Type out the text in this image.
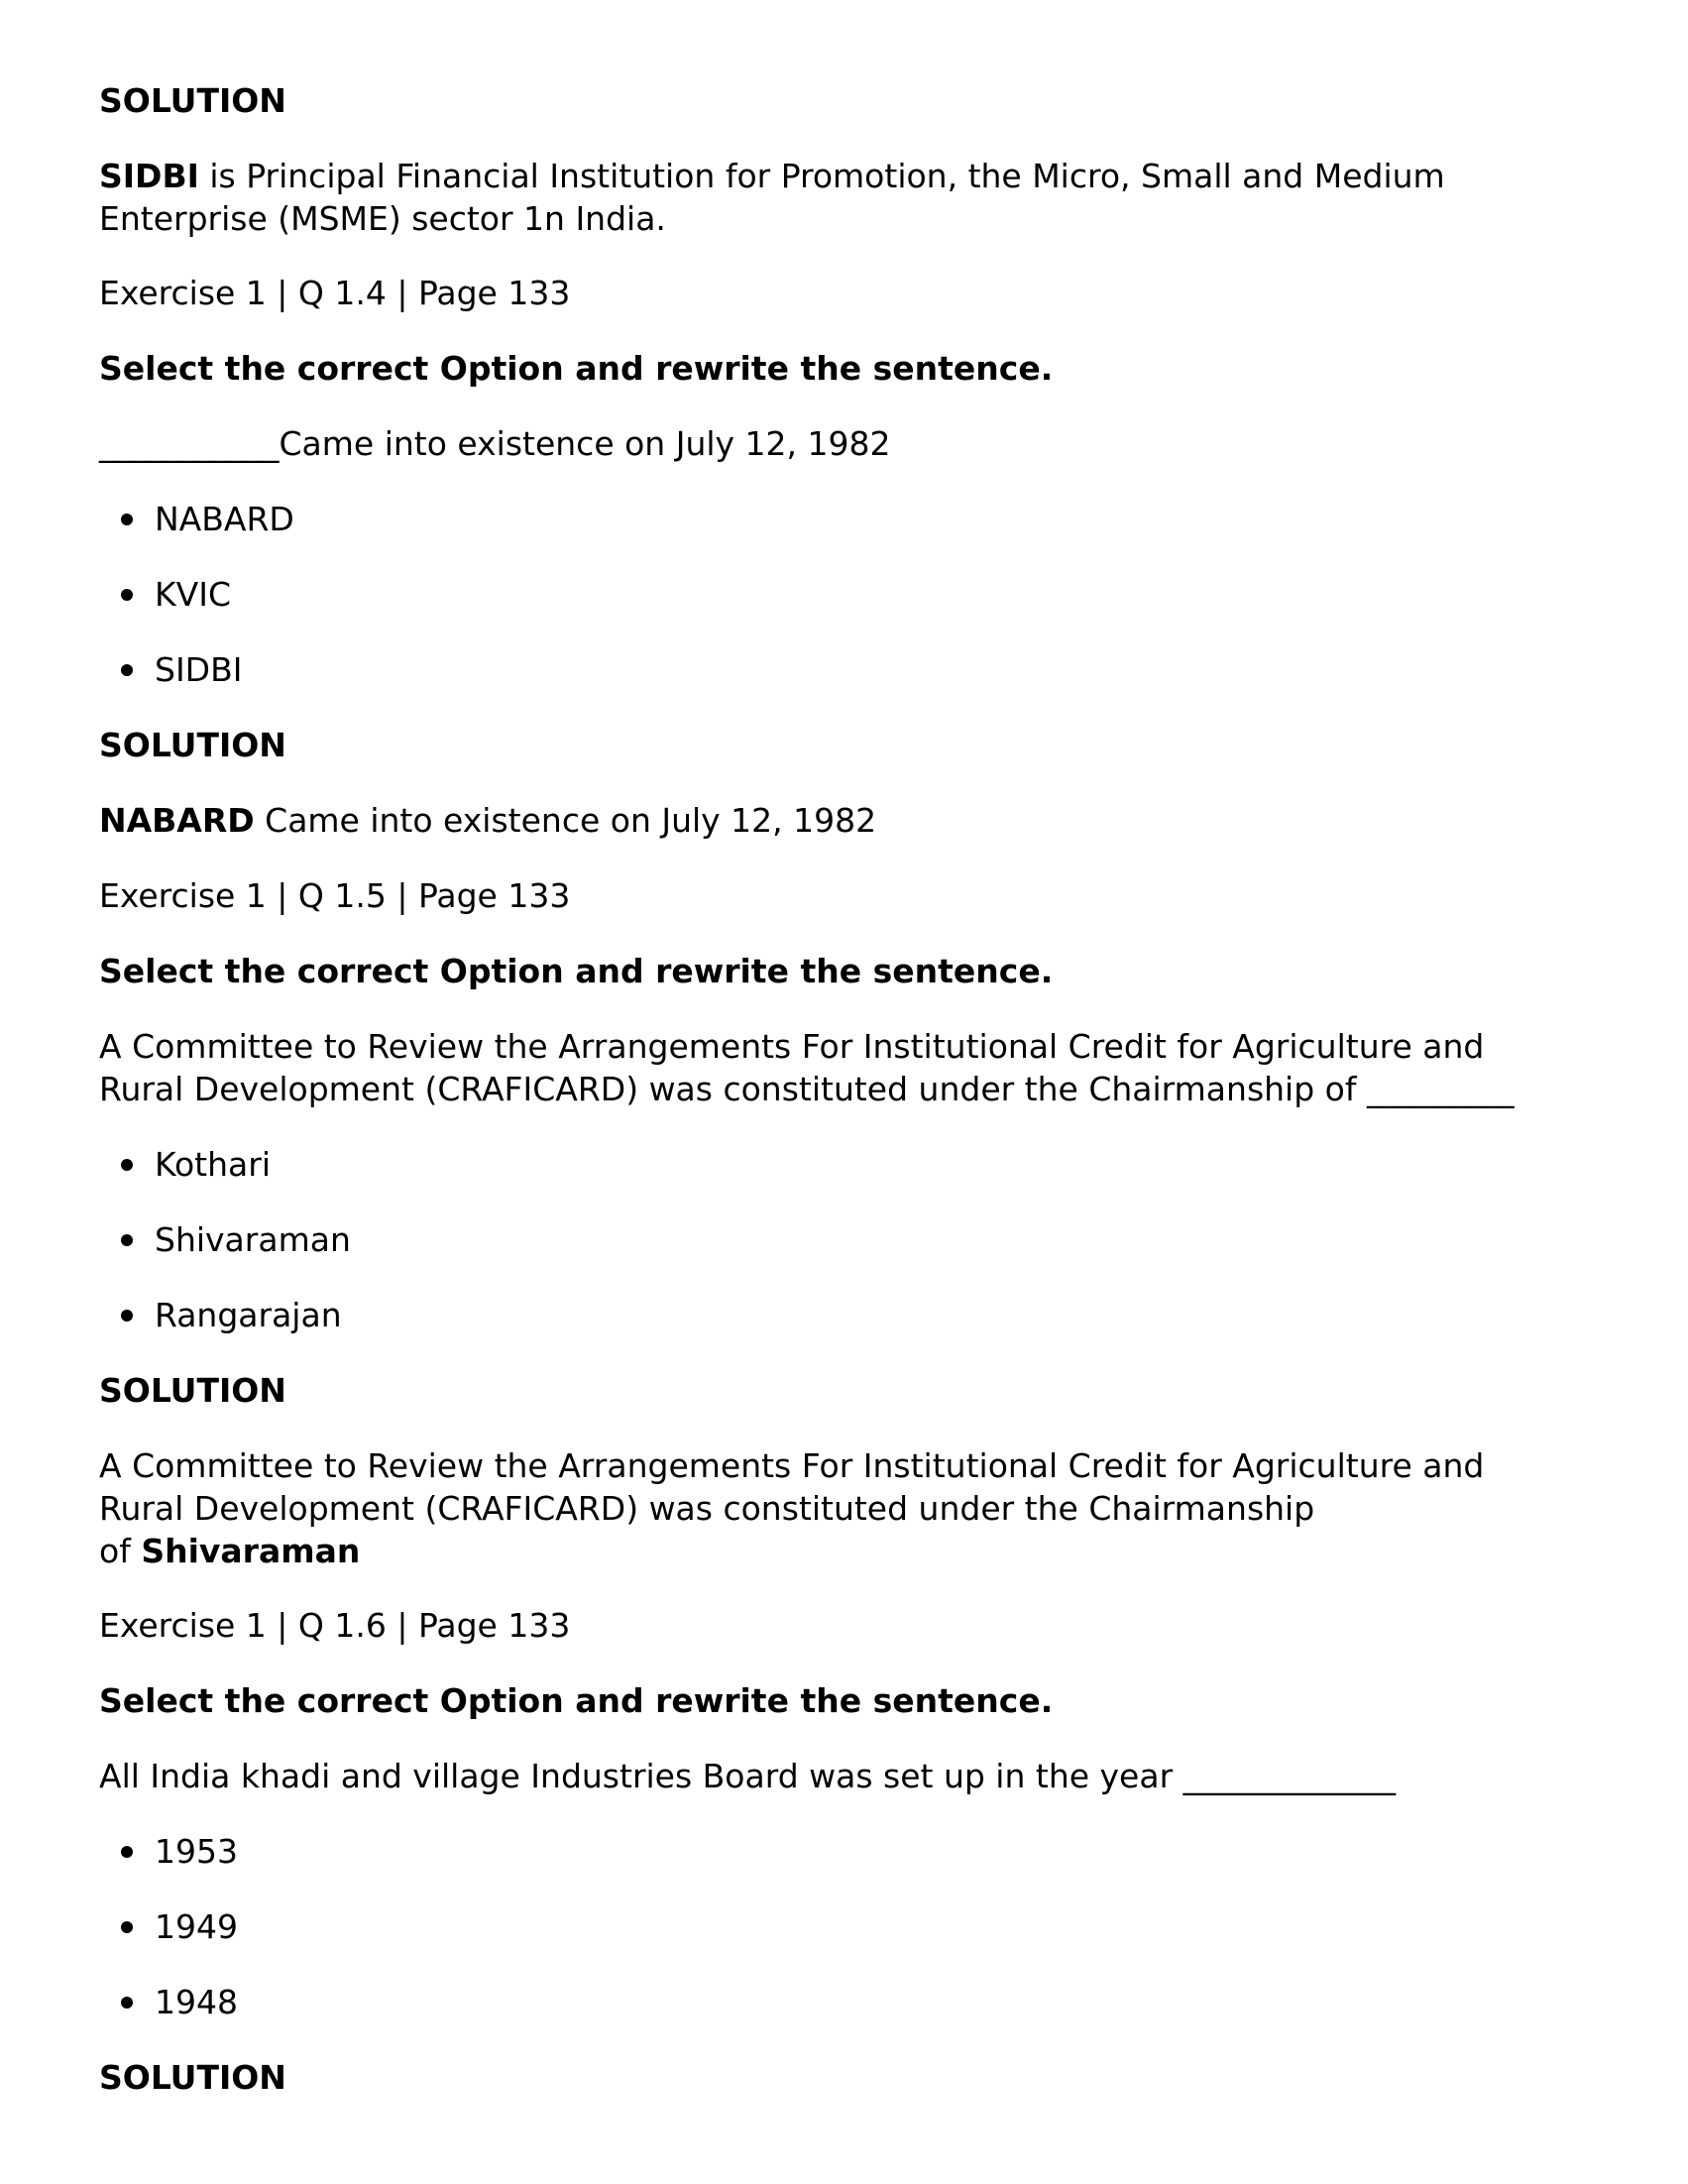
SOLUTION
SIDBI is Principal Financial Institution for Promotion, the Micro, Small and Medium
Enterprise (MSME) sector 1n India.
Exercise 1 | Q 1.4 | Page 133
Select the correct Option and rewrite the sentence.
___________Came into existence on July 12, 1982
NABARD
KVIC
SIDBI
SOLUTION
NABARD Came into existence on July 12, 1982
Exercise 1 | Q 1.5 | Page 133
Select the correct Option and rewrite the sentence.
A Committee to Review the Arrangements For Institutional Credit for Agriculture and
Rural Development (CRAFICARD) was constituted under the Chairmanship of _________
Kothari
Shivaraman
Rangarajan
SOLUTION
A Committee to Review the Arrangements For Institutional Credit for Agriculture and
Rural Development (CRAFICARD) was constituted under the Chairmanship
of Shivaraman
Exercise 1 | Q 1.6 | Page 133
Select the correct Option and rewrite the sentence.
All India khadi and village Industries Board was set up in the year _____________
1953
1949
1948
SOLUTION
